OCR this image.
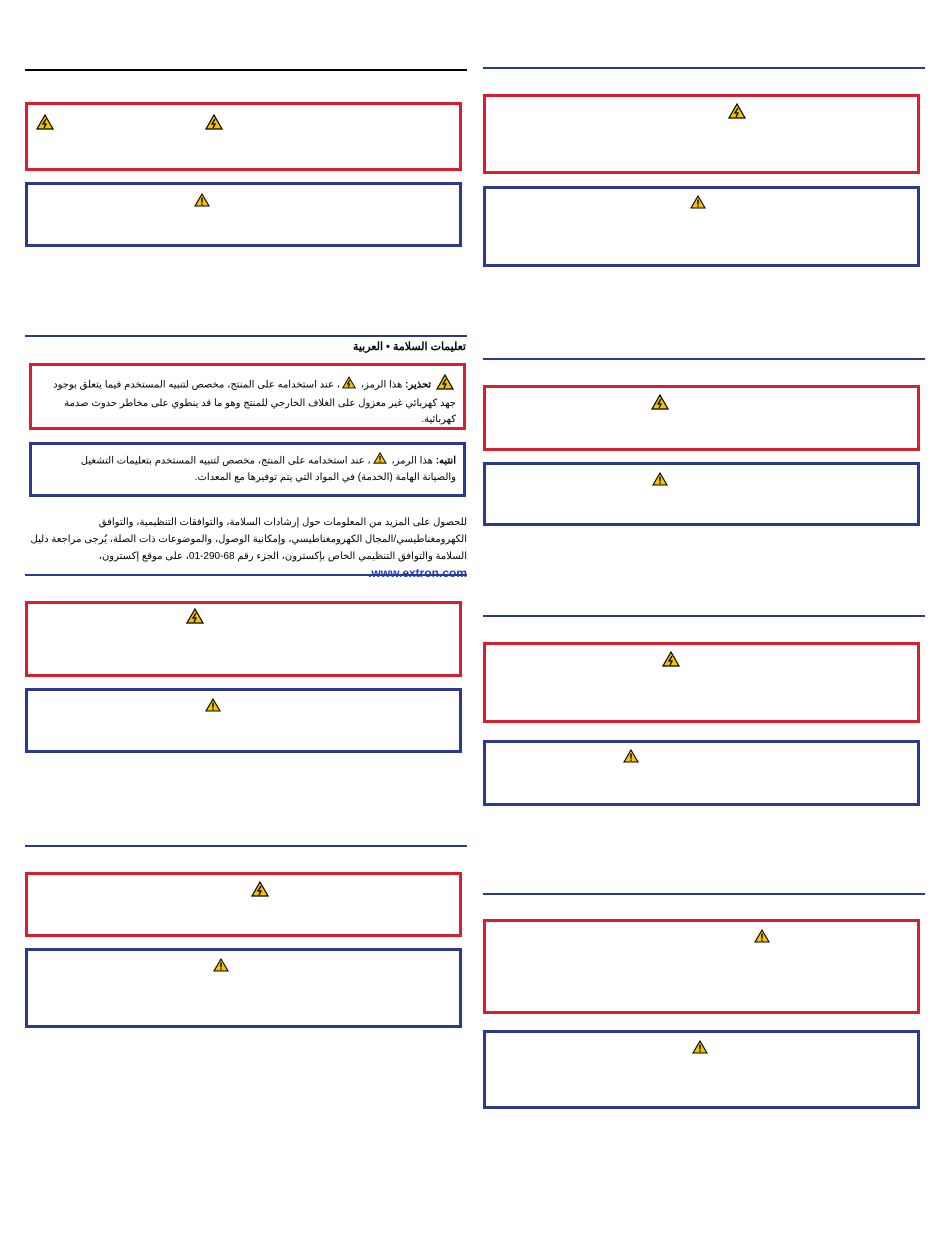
تعليمات السلامة • العربية
تحذير: هذا الرمز، ، عند استخدامه على المنتج، مخصص لتنبيه المستخدم فيما يتعلق بوجود جهد كهربائي غير معزول على الغلاف الخارجي للمنتج وهو ما قد ينطوي على مخاطر حدوث صدمة كهربائية.
انتبه: هذا الرمز، ، عند استخدامه على المنتج، مخصص لتنبيه المستخدم بتعليمات التشغيل والصيانة الهامة (الخدمة) في المواد التي يتم توفيرها مع المعدات.
للحصول على المزيد من المعلومات حول إرشادات السلامة، والتوافقات التنظيمية، والتوافق الكهرومغناطيسي/المجال الكهرومغناطيسي، وإمكانية الوصول، والموضوعات ذات الصلة، يُرجى مراجعة دليل السلامة والتوافق التنظيمي الخاص بإكسترون، الجزء رقم 68-290-01، على موقع إكسترون، www.extron.com.
